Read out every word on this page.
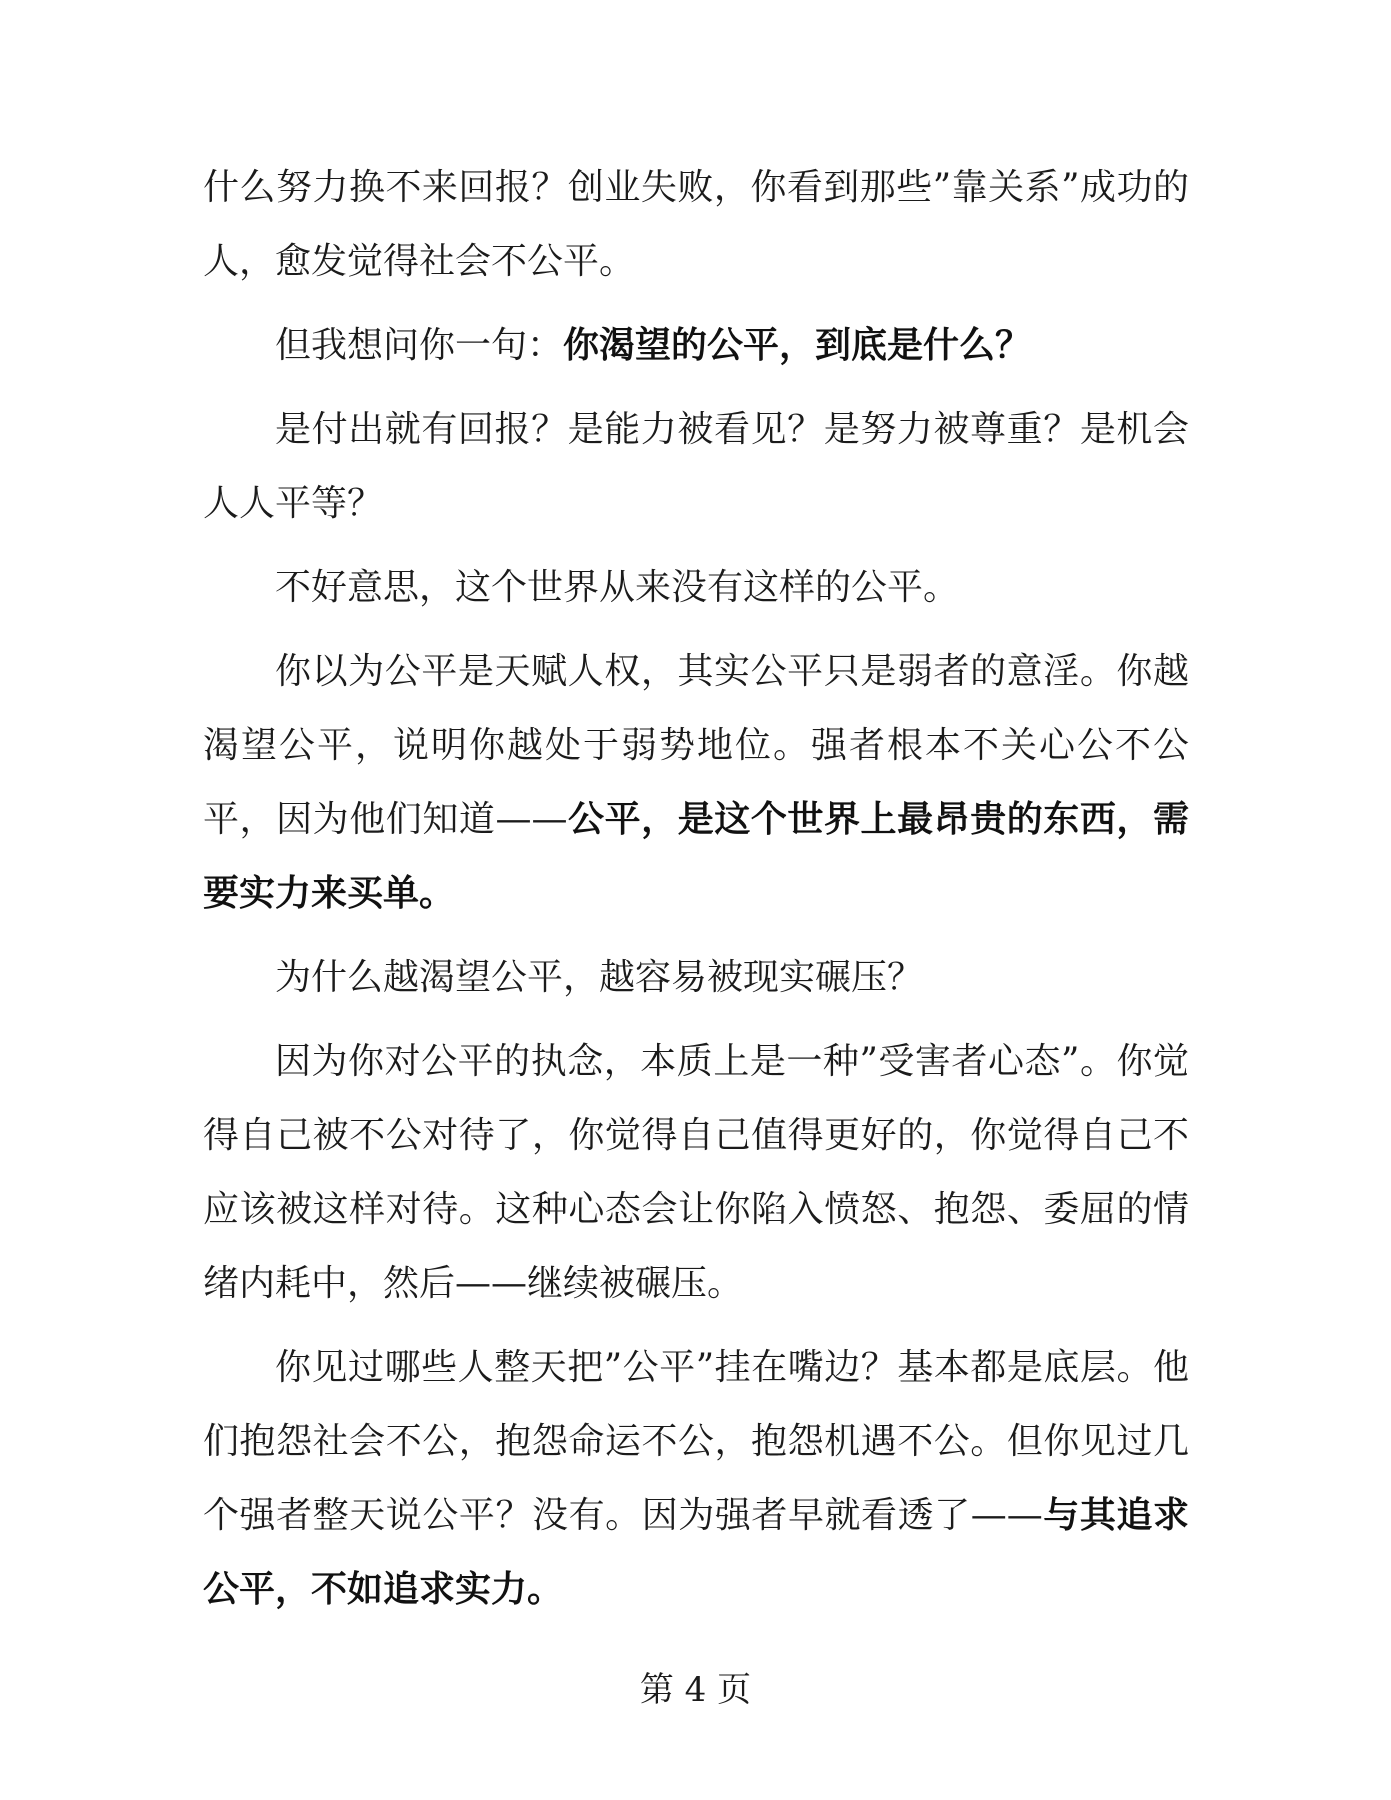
什么努力换不来回报？创业失败，你看到那些”靠关系”成功的人，愈发觉得社会不公平。

但我想问你一句：你渴望的公平，到底是什么？

是付出就有回报？是能力被看见？是努力被尊重？是机会人人平等？

不好意思，这个世界从来没有这样的公平。

你以为公平是天赋人权，其实公平只是弱者的意淫。你越渴望公平，说明你越处于弱势地位。强者根本不关心公不公平，因为他们知道——公平，是这个世界上最昂贵的东西，需要实力来买单。

为什么越渴望公平，越容易被现实碾压？

因为你对公平的执念，本质上是一种”受害者心态”。你觉得自己被不公对待了，你觉得自己值得更好的，你觉得自己不应该被这样对待。这种心态会让你陷入愤怒、抱怨、委屈的情绪内耗中，然后——继续被碾压。

你见过哪些人整天把”公平”挂在嘴边？基本都是底层。他们抱怨社会不公，抱怨命运不公，抱怨机遇不公。但你见过几个强者整天说公平？没有。因为强者早就看透了——与其追求公平，不如追求实力。

第 4 页
